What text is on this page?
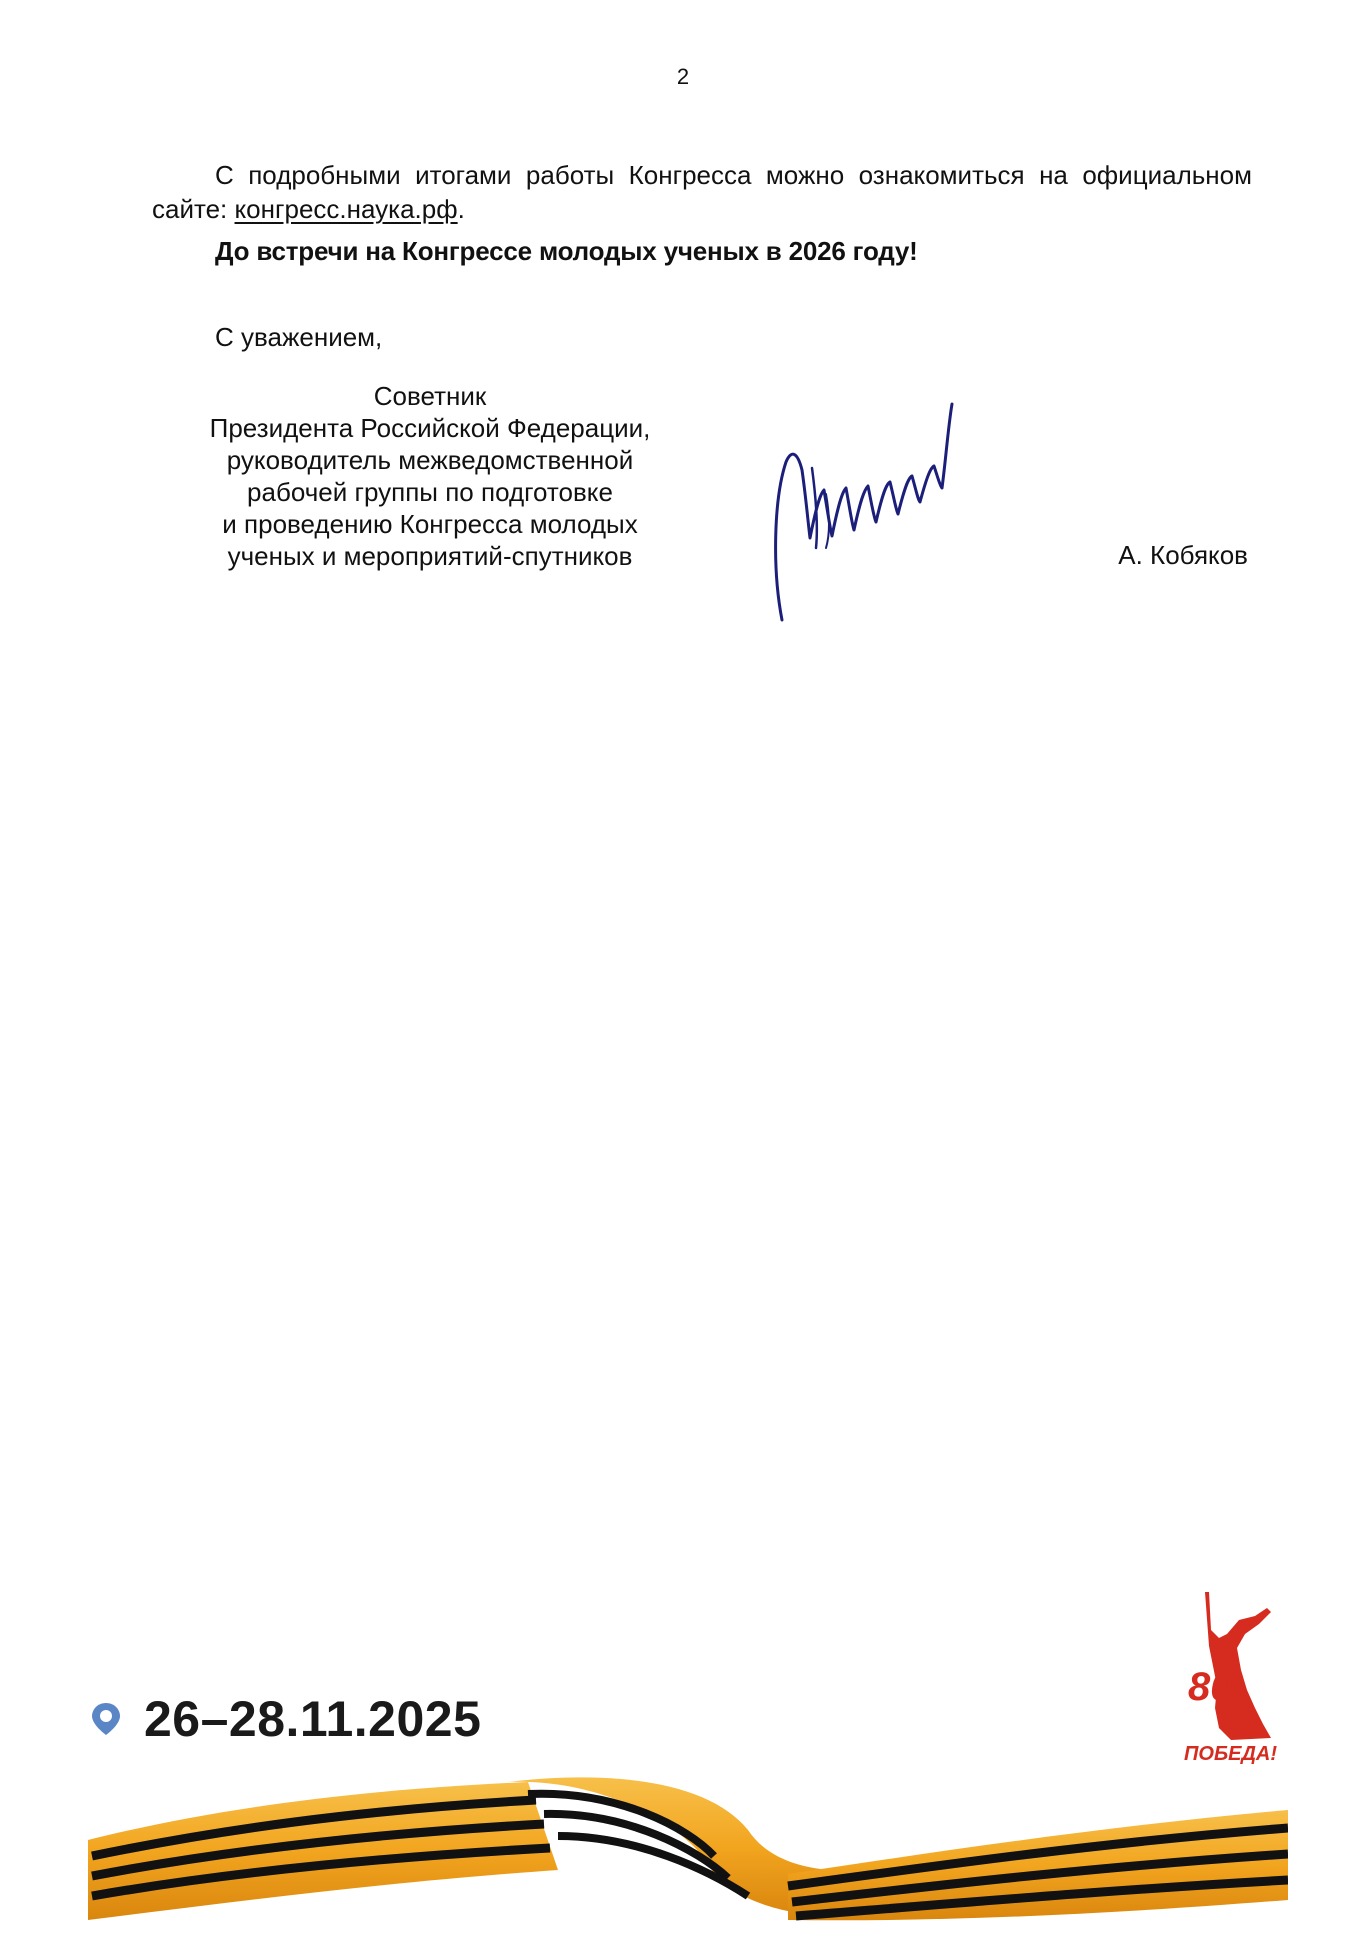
2
С подробными итогами работы Конгресса можно ознакомиться на официальном сайте: конгресс.наука.рф.
До встречи на Конгрессе молодых ученых в 2026 году!
С уважением,
Советник
Президента Российской Федерации,
руководитель межведомственной
рабочей группы по подготовке
и проведению Конгресса молодых
ученых и мероприятий-спутников	А. Кобяков
26–28.11.2025
80
ПОБЕДА!
